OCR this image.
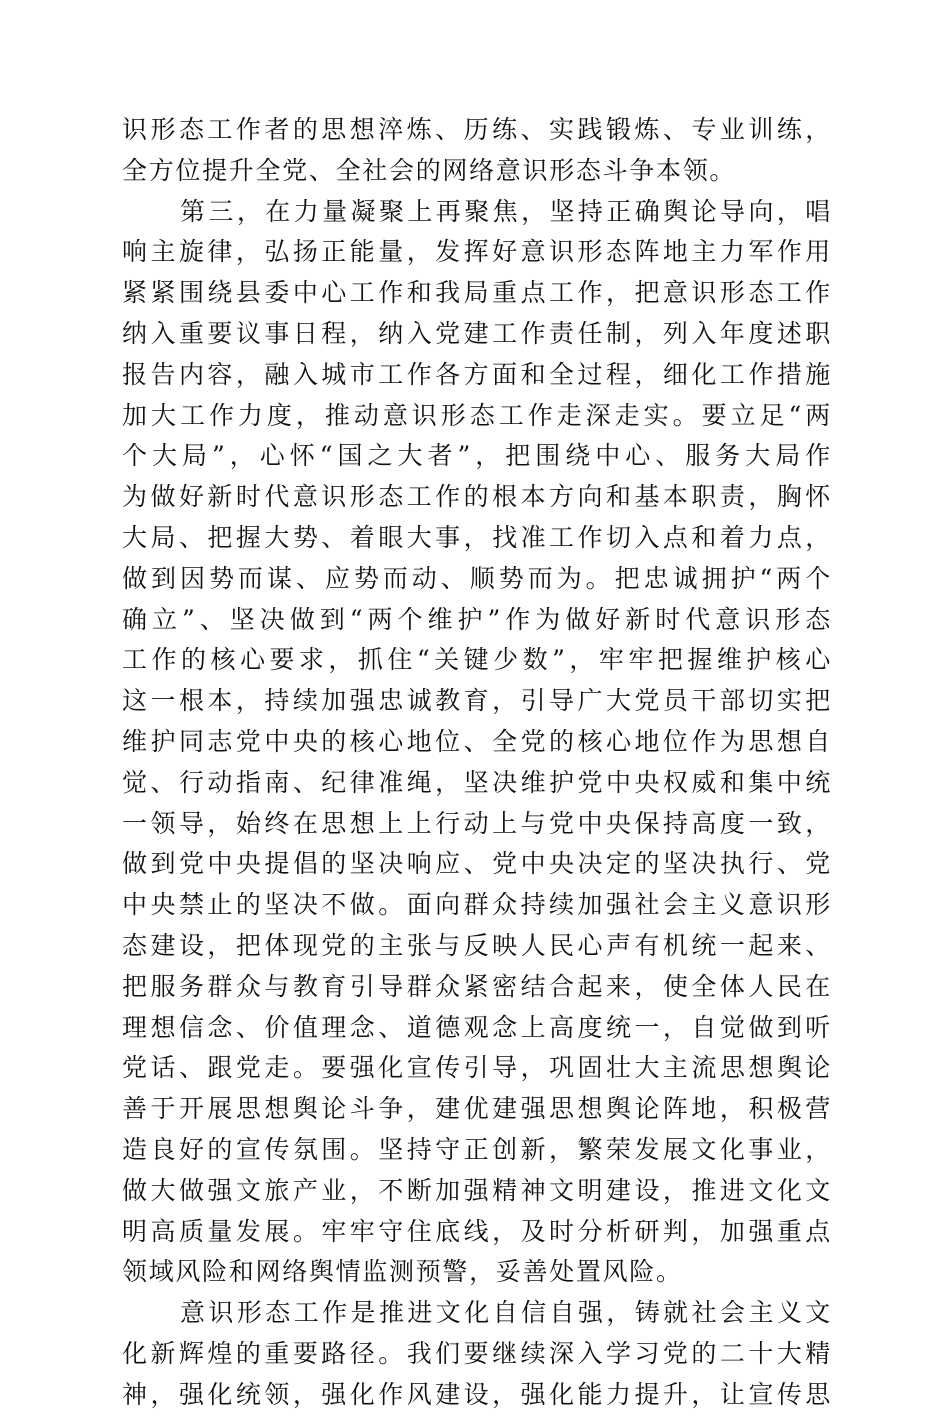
识形态工作者的思想淬炼、历练、实践锻炼、专业训练，
全方位提升全党、全社会的网络意识形态斗争本领。
第三，在力量凝聚上再聚焦，坚持正确舆论导向，唱
响主旋律，弘扬正能量，发挥好意识形态阵地主力军作用
紧紧围绕县委中心工作和我局重点工作，把意识形态工作
纳入重要议事日程，纳入党建工作责任制，列入年度述职
报告内容，融入城市工作各方面和全过程，细化工作措施
加大工作力度，推动意识形态工作走深走实。要立足“两
个大局”，心怀“国之大者”，把围绕中心、服务大局作
为做好新时代意识形态工作的根本方向和基本职责，胸怀
大局、把握大势、着眼大事，找准工作切入点和着力点，
做到因势而谋、应势而动、顺势而为。把忠诚拥护“两个
确立”、坚决做到“两个维护”作为做好新时代意识形态
工作的核心要求，抓住“关键少数”，牢牢把握维护核心
这一根本，持续加强忠诚教育，引导广大党员干部切实把
维护同志党中央的核心地位、全党的核心地位作为思想自
觉、行动指南、纪律准绳，坚决维护党中央权威和集中统
一领导，始终在思想上上行动上与党中央保持高度一致，
做到党中央提倡的坚决响应、党中央决定的坚决执行、党
中央禁止的坚决不做。面向群众持续加强社会主义意识形
态建设，把体现党的主张与反映人民心声有机统一起来、
把服务群众与教育引导群众紧密结合起来，使全体人民在
理想信念、价值理念、道德观念上高度统一，自觉做到听
党话、跟党走。要强化宣传引导，巩固壮大主流思想舆论
善于开展思想舆论斗争，建优建强思想舆论阵地，积极营
造良好的宣传氛围。坚持守正创新，繁荣发展文化事业，
做大做强文旅产业，不断加强精神文明建设，推进文化文
明高质量发展。牢牢守住底线，及时分析研判，加强重点
领域风险和网络舆情监测预警，妥善处置风险。
意识形态工作是推进文化自信自强，铸就社会主义文
化新辉煌的重要路径。我们要继续深入学习党的二十大精
神，强化统领，强化作风建设，强化能力提升，让宣传思
